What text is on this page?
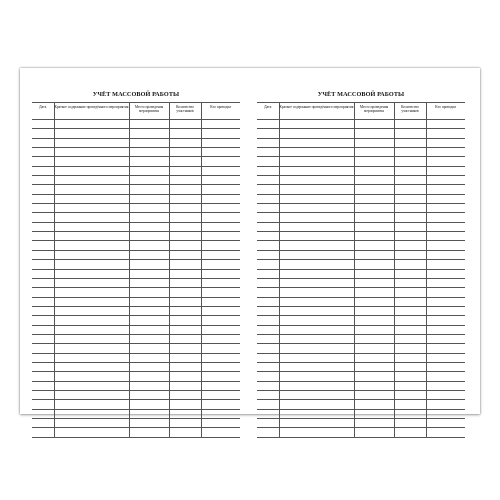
УЧЁТ МАССОВОЙ РАБОТЫ
Дата	Краткое содержание проведённого мероприятия	Место проведения мероприятия	Количество участников	Кто проводил

УЧЁТ МАССОВОЙ РАБОТЫ
Дата	Краткое содержание проведённого мероприятия	Место проведения мероприятия	Количество участников	Кто проводил
